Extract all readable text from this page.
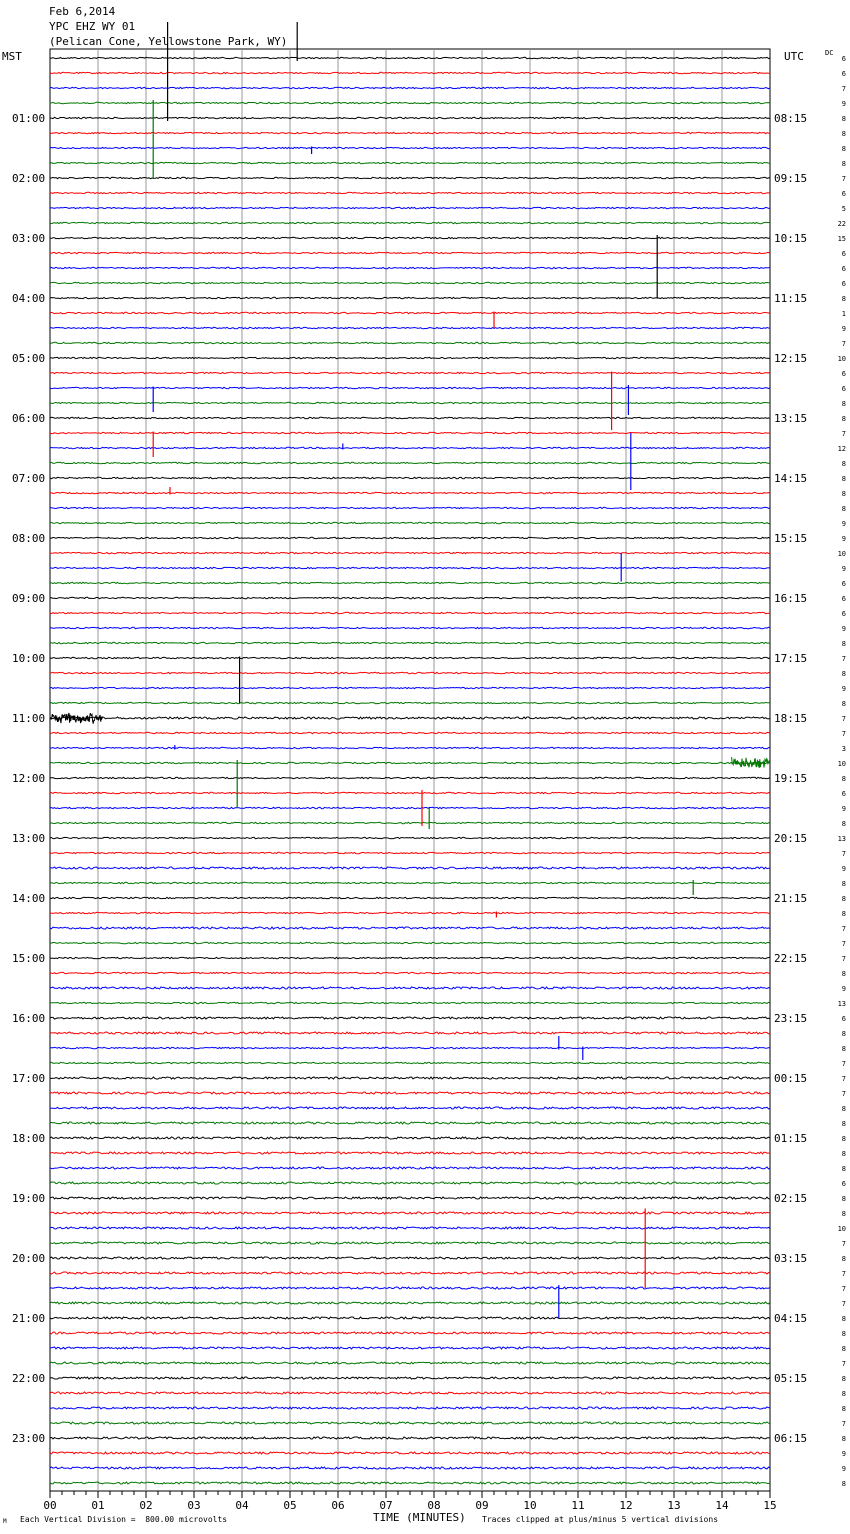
Feb 6,2014
YPC EHZ WY 01
(Pelican Cone, Yellowstone Park, WY)
MST	UTC	DC
01:00	08:15
02:00	09:15
03:00	10:15
04:00	11:15
05:00	12:15
06:00	13:15
07:00	14:15
08:00	15:15
09:00	16:15
10:00	17:15
11:00	18:15
12:00	19:15
13:00	20:15
14:00	21:15
15:00	22:15
16:00	23:15
17:00	00:15
18:00	01:15
19:00	02:15
20:00	03:15
21:00	04:15
22:00	05:15
23:00	06:15
6
6
7
9
8
8
8
8
7
6
5
22
15
6
6
6
8
1
9
7
10
6
6
8
8
7
12
8
8
8
8
9
9
10
9
6
6
6
9
8
7
8
9
8
7
7
3
10
8
6
9
8
13
7
9
8
8
8
7
7
7
8
9
13
6
8
8
7
7
7
8
8
8
8
8
6
8
8
10
7
8
7
7
7
8
8
8
7
8
8
8
7
8
9
9
8
00	01	02	03	04	05	06	07	08	09	10	11	12	13	14	15
M Each Vertical Division =  800.00 microvolts	TIME (MINUTES) Traces clipped at plus/minus 5 vertical divisions
